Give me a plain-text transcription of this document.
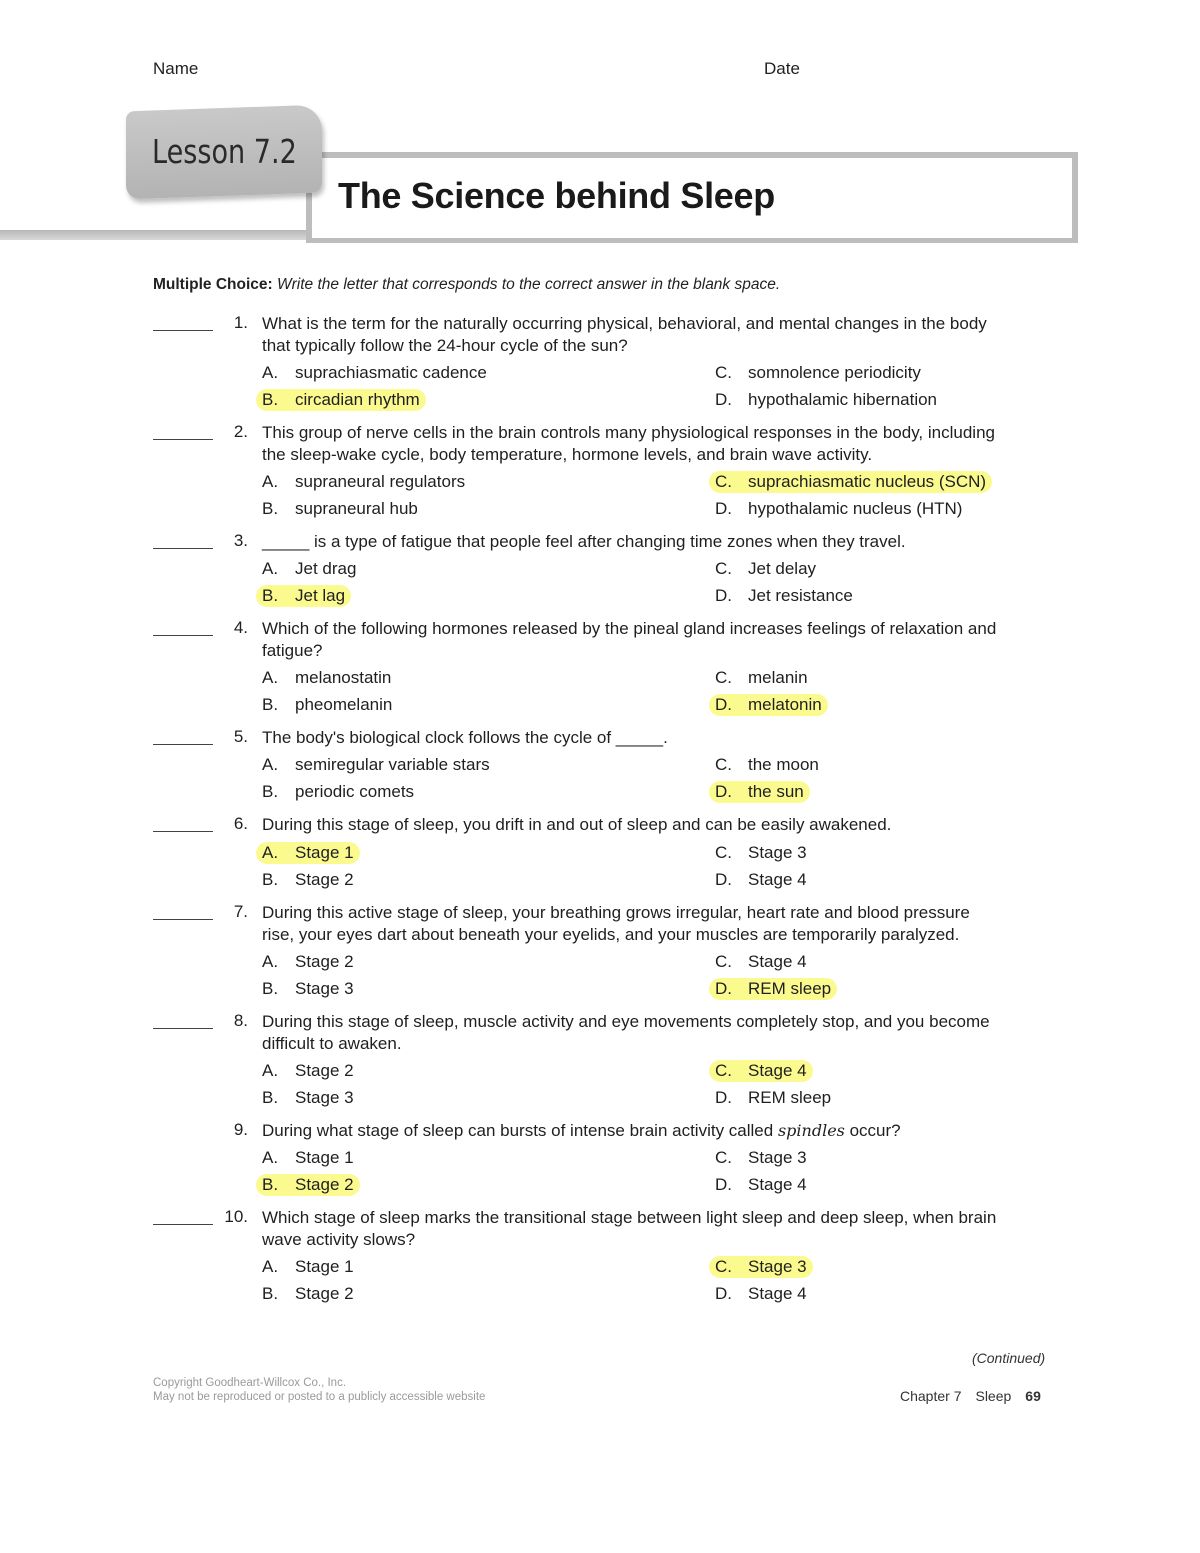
Name	Date
Lesson 7.2
The Science behind Sleep
Multiple Choice: Write the letter that corresponds to the correct answer in the blank space.
1. What is the term for the naturally occurring physical, behavioral, and mental changes in the body
that typically follow the 24-hour cycle of the sun?
A. suprachiasmatic cadence
B. circadian rhythm
C. somnolence periodicity
D. hypothalamic hibernation
2. This group of nerve cells in the brain controls many physiological responses in the body, including
the sleep-wake cycle, body temperature, hormone levels, and brain wave activity.
A. supraneural regulators
B. supraneural hub
C. suprachiasmatic nucleus (SCN)
D. hypothalamic nucleus (HTN)
3. _____ is a type of fatigue that people feel after changing time zones when they travel.
A. Jet drag
B. Jet lag
C. Jet delay
D. Jet resistance
4. Which of the following hormones released by the pineal gland increases feelings of relaxation and
fatigue?
A. melanostatin
B. pheomelanin
C. melanin
D. melatonin
5. The body's biological clock follows the cycle of _____.
A. semiregular variable stars
B. periodic comets
C. the moon
D. the sun
6. During this stage of sleep, you drift in and out of sleep and can be easily awakened.
A. Stage 1
B. Stage 2
C. Stage 3
D. Stage 4
7. During this active stage of sleep, your breathing grows irregular, heart rate and blood pressure
rise, your eyes dart about beneath your eyelids, and your muscles are temporarily paralyzed.
A. Stage 2
B. Stage 3
C. Stage 4
D. REM sleep
8. During this stage of sleep, muscle activity and eye movements completely stop, and you become
difficult to awaken.
A. Stage 2
B. Stage 3
C. Stage 4
D. REM sleep
9. During what stage of sleep can bursts of intense brain activity called spindles occur?
A. Stage 1
B. Stage 2
C. Stage 3
D. Stage 4
10. Which stage of sleep marks the transitional stage between light sleep and deep sleep, when brain
wave activity slows?
A. Stage 1
B. Stage 2
C. Stage 3
D. Stage 4
(Continued)
Copyright Goodheart-Willcox Co., Inc.
May not be reproduced or posted to a publicly accessible website	Chapter 7 Sleep 69
